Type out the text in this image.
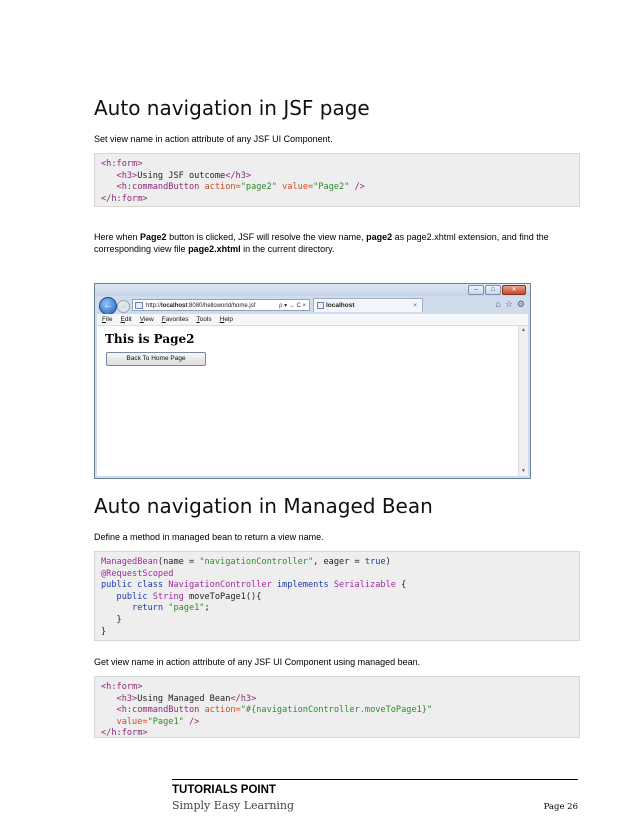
Auto navigation in JSF page
Set view name in action attribute of any JSF UI Component.
<h:form>
<h3>Using JSF outcome</h3>
<h:commandButton action="page2" value="Page2" />
</h:form>
Here when Page2 button is clicked, JSF will resolve the view name, page2 as page2.xhtml extension, and find the corresponding view file page2.xhtml in the current directory.
–	□	✕
←	→	http://localhost:8080/helloworld/home.jsf	ρ ▾ → C ×	localhost	×	⌂ ☆ ⚙
File Edit View Favorites Tools Help
This is Page2
Back To Home Page
▲
▼
Auto navigation in Managed Bean
Define a method in managed bean to return a view name.
ManagedBean(name = "navigationController", eager = true)
@RequestScoped
public class NavigationController implements Serializable {
public String moveToPage1(){
return "page1";
}
}
Get view name in action attribute of any JSF UI Component using managed bean.
<h:form>
<h3>Using Managed Bean</h3>
<h:commandButton action="#{navigationController.moveToPage1}"
value="Page1" />
</h:form>
TUTORIALS POINT
Simply Easy Learning	Page 26
